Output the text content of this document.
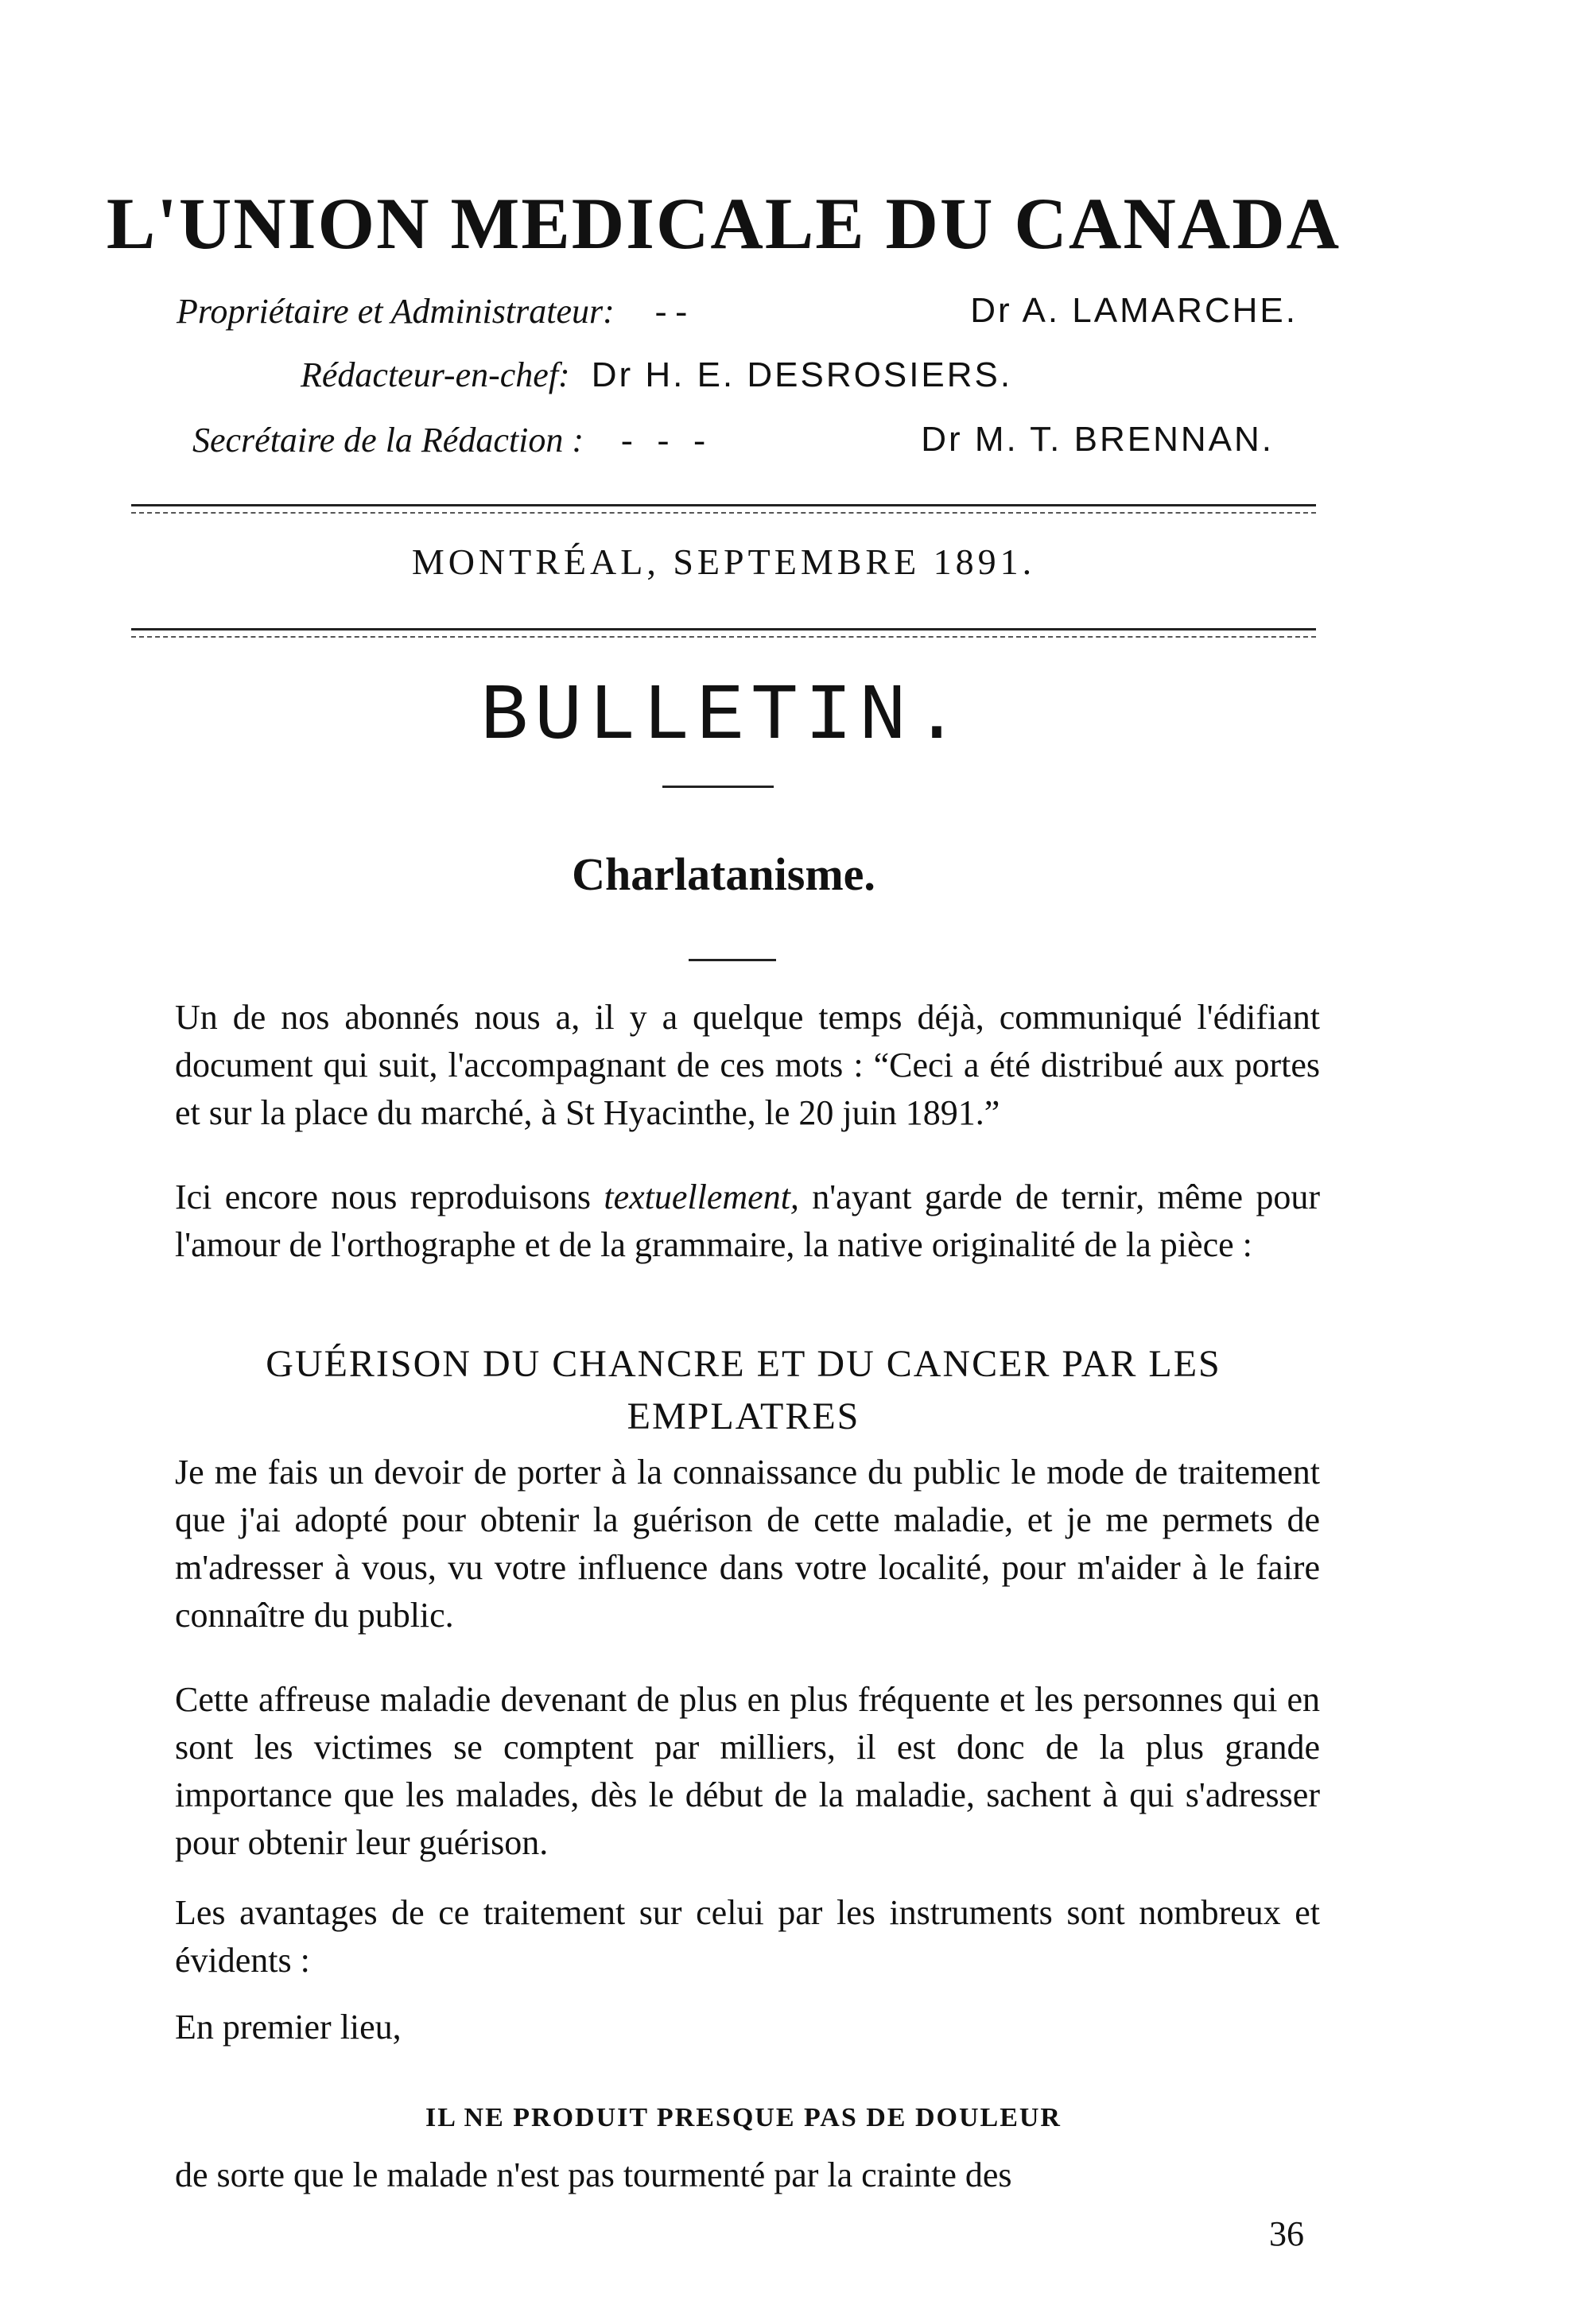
L'UNION MEDICALE DU CANADA
Propriétaire et Administrateur: - -	Dr A. LAMARCHE.
Rédacteur-en-chef: Dr H. E. DESROSIERS.
Secrétaire de la Rédaction : - - -	Dr M. T. BRENNAN.
MONTRÉAL, SEPTEMBRE 1891.
BULLETIN.
Charlatanisme.
Un de nos abonnés nous a, il y a quelque temps déjà, communiqué l'édifiant document qui suit, l'accompagnant de ces mots : “Ceci a été distribué aux portes et sur la place du marché, à St Hyacinthe, le 20 juin 1891.”
Ici encore nous reproduisons textuellement, n'ayant garde de ternir, même pour l'amour de l'orthographe et de la grammaire, la native originalité de la pièce :
GUÉRISON DU CHANCRE ET DU CANCER PAR LES EMPLATRES
Je me fais un devoir de porter à la connaissance du public le mode de traitement que j'ai adopté pour obtenir la guérison de cette maladie, et je me permets de m'adresser à vous, vu votre influence dans votre localité, pour m'aider à le faire connaître du public.
Cette affreuse maladie devenant de plus en plus fréquente et les personnes qui en sont les victimes se comptent par milliers, il est donc de la plus grande importance que les malades, dès le début de la maladie, sachent à qui s'adresser pour obtenir leur guérison.
Les avantages de ce traitement sur celui par les instruments sont nombreux et évidents :
En premier lieu,
IL NE PRODUIT PRESQUE PAS DE DOULEUR
de sorte que le malade n'est pas tourmenté par la crainte des
36
